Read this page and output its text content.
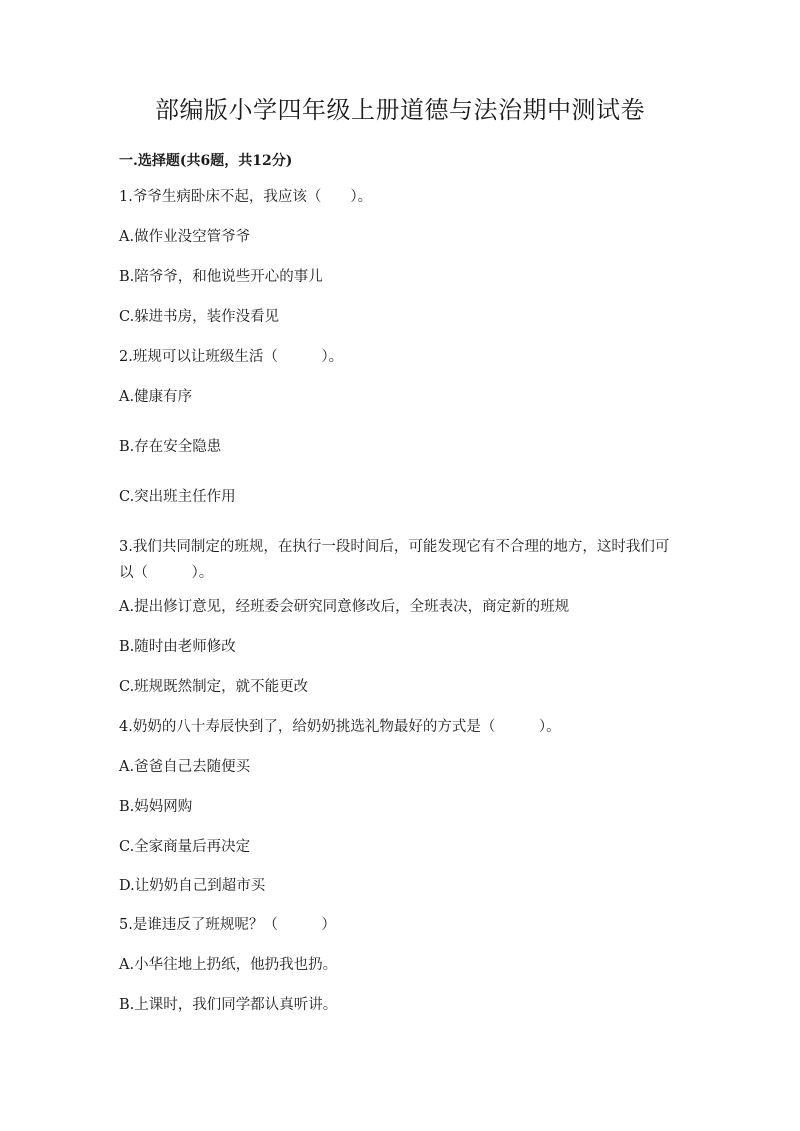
部编版小学四年级上册道德与法治期中测试卷
一.选择题(共6题，共12分)
1.爷爷生病卧床不起，我应该（　　）。
A.做作业没空管爷爷
B.陪爷爷，和他说些开心的事儿
C.躲进书房，装作没看见
2.班规可以让班级生活（　　　）。
A.健康有序
B.存在安全隐患
C.突出班主任作用
3.我们共同制定的班规，在执行一段时间后，可能发现它有不合理的地方，这时我们可以（　　　）。
A.提出修订意见，经班委会研究同意修改后，全班表决，商定新的班规
B.随时由老师修改
C.班规既然制定，就不能更改
4.奶奶的八十寿辰快到了，给奶奶挑选礼物最好的方式是（　　　）。
A.爸爸自己去随便买
B.妈妈网购
C.全家商量后再决定
D.让奶奶自己到超市买
5.是谁违反了班规呢？（　　　）
A.小华往地上扔纸，他扔我也扔。
B.上课时，我们同学都认真听讲。
